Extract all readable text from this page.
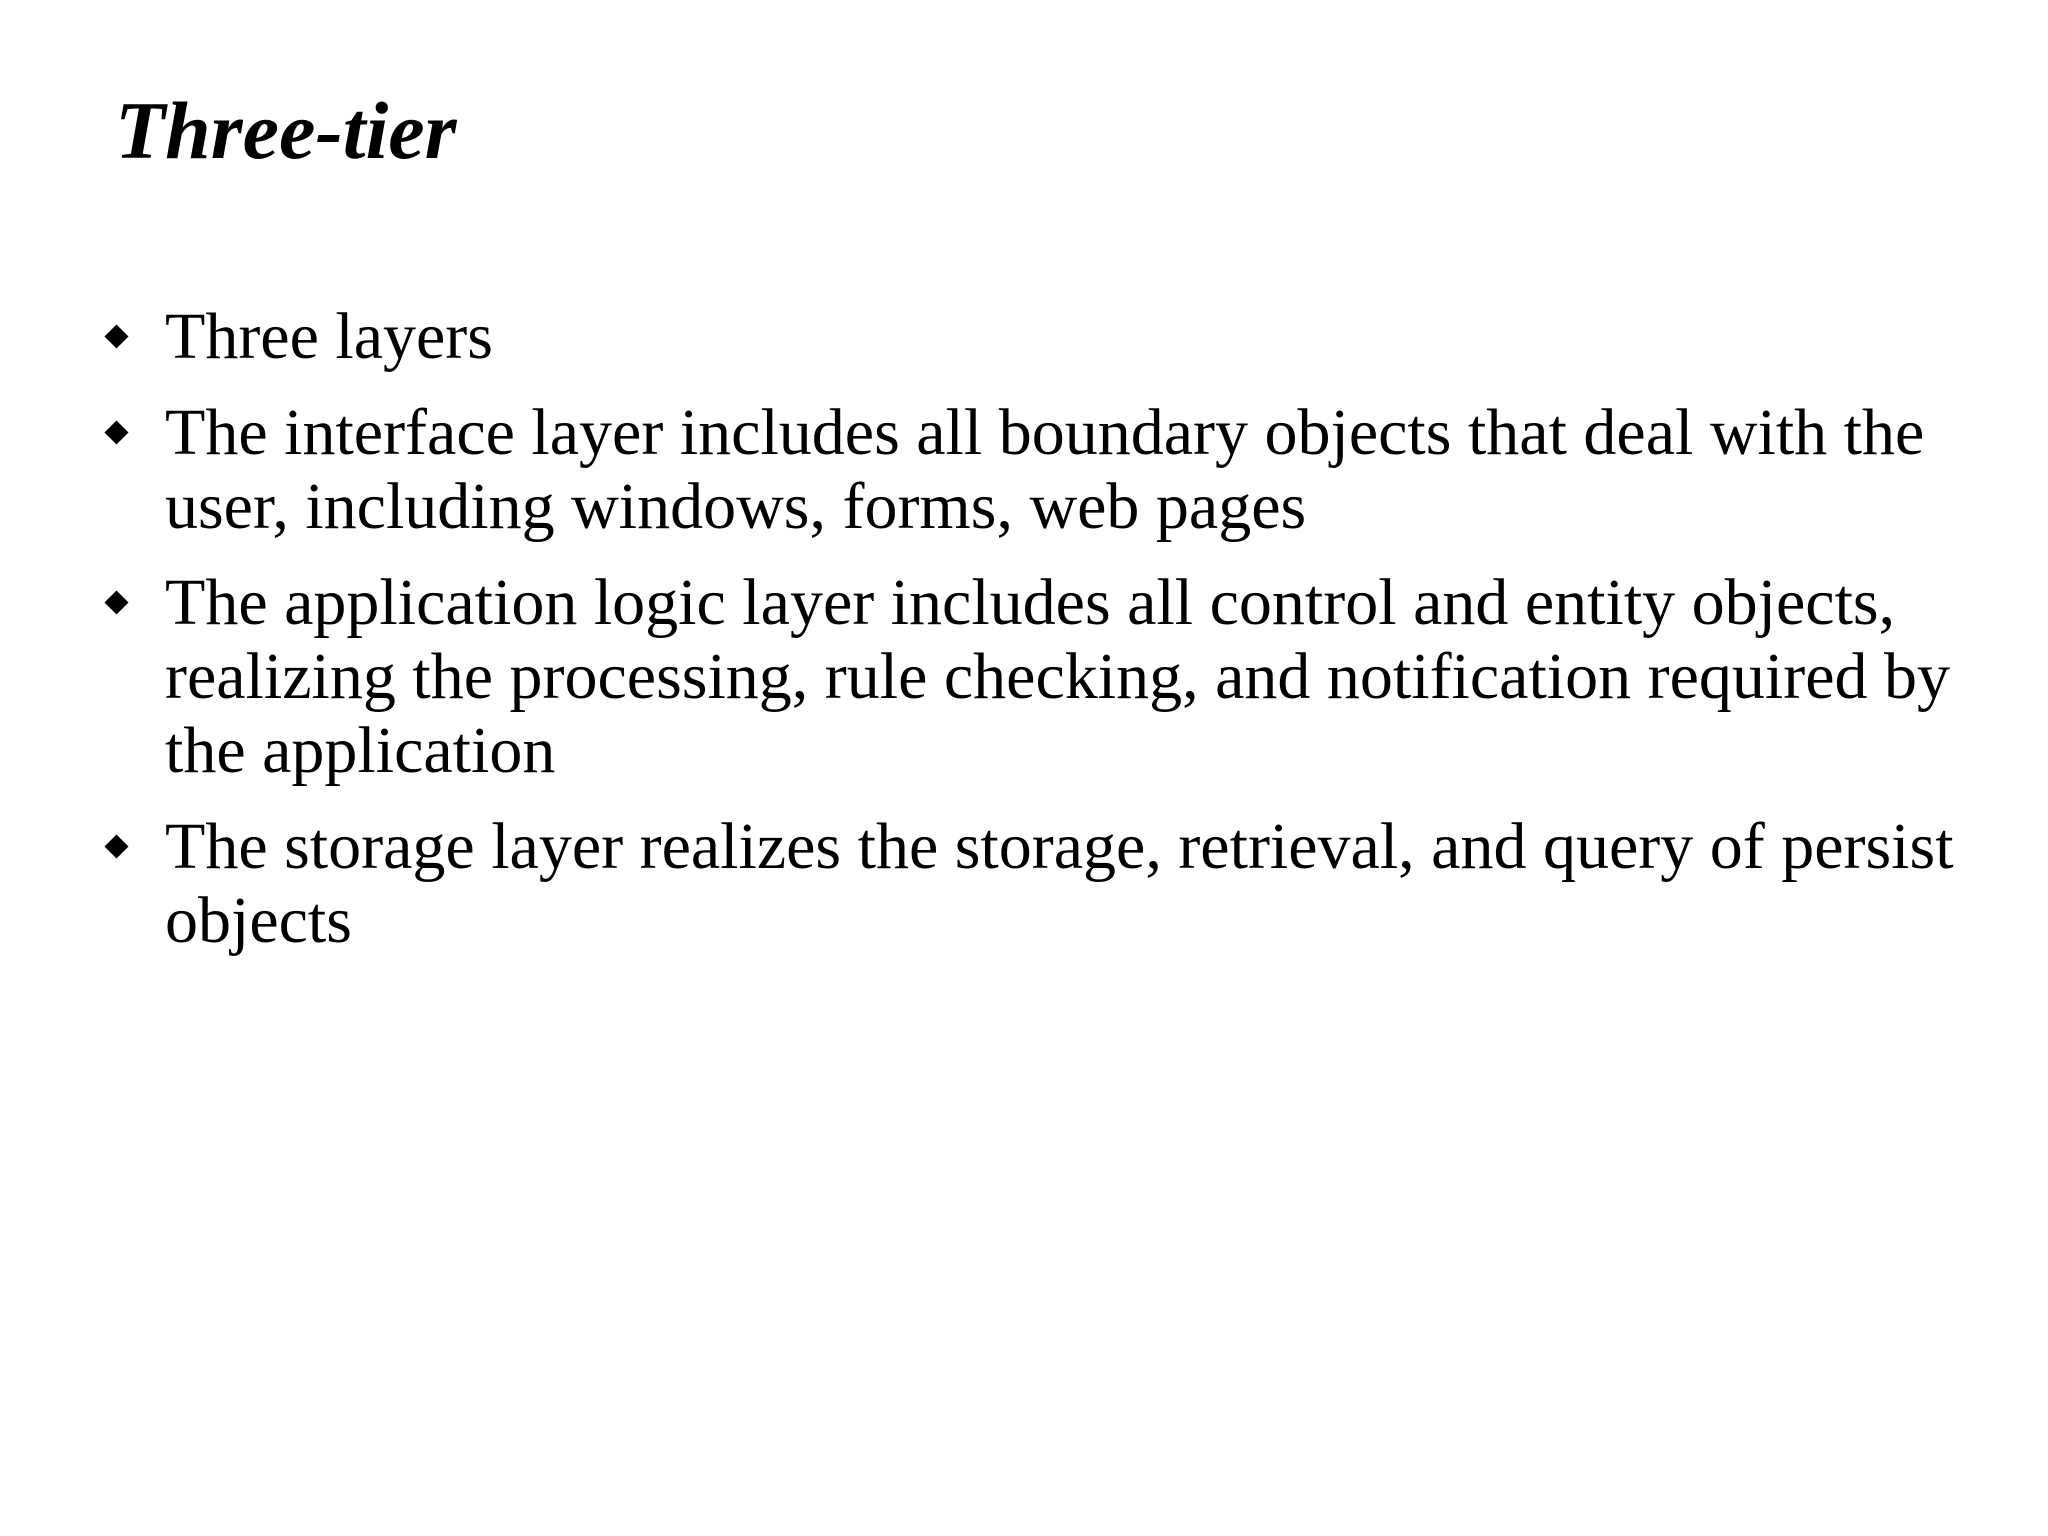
Three-tier
Three layers
The interface layer includes all boundary objects that deal with the user, including windows, forms, web pages
The application logic layer includes all control and entity objects, realizing the processing, rule checking, and notification required by the application
The storage layer realizes the storage, retrieval, and query of persist objects
